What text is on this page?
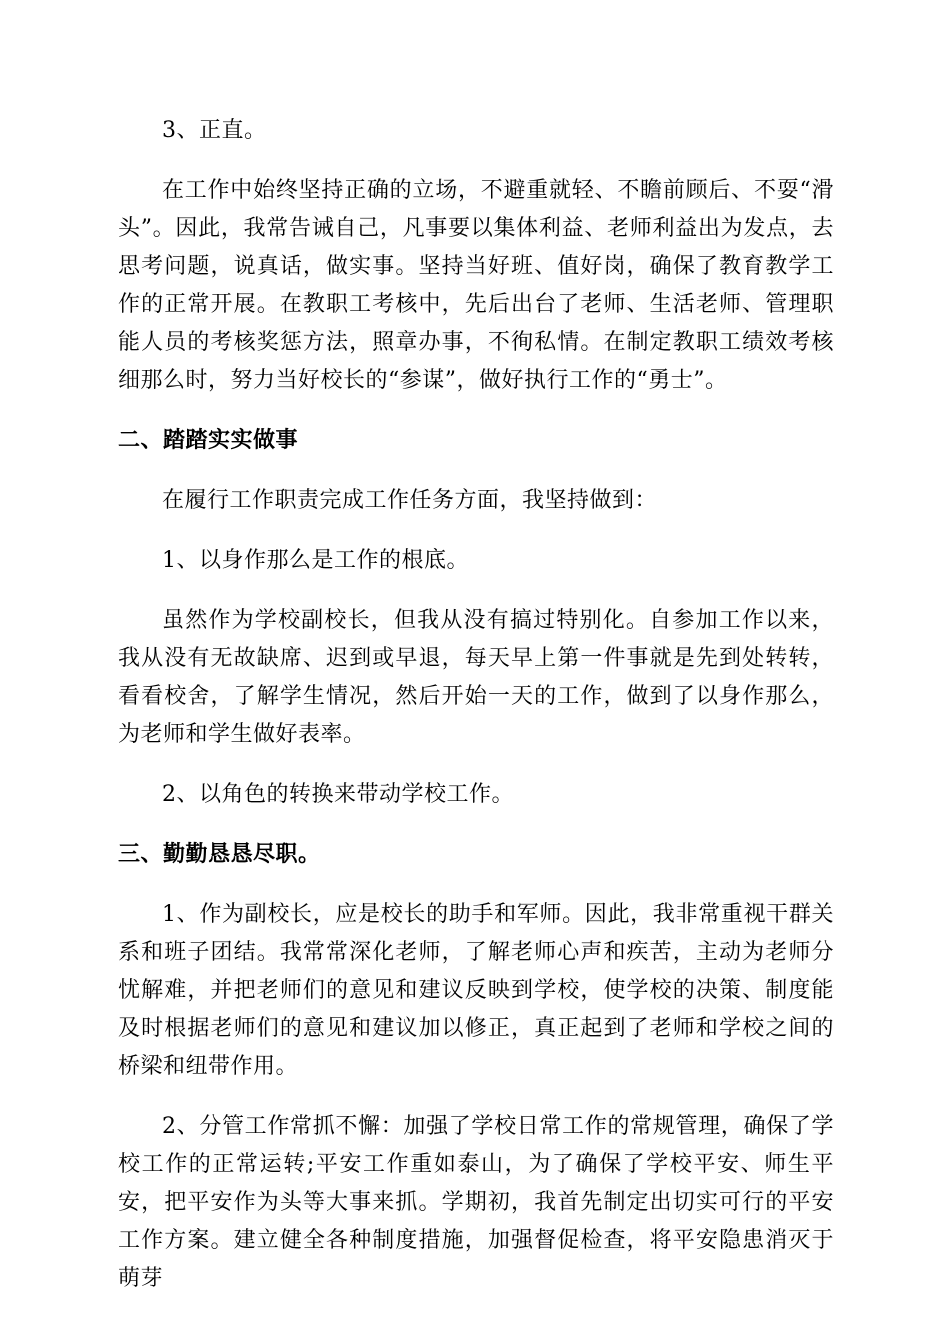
3、正直。

在工作中始终坚持正确的立场，不避重就轻、不瞻前顾后、不耍“滑头”。因此，我常告诫自己，凡事要以集体利益、老师利益出为发点，去思考问题，说真话，做实事。坚持当好班、值好岗，确保了教育教学工作的正常开展。在教职工考核中，先后出台了老师、生活老师、管理职能人员的考核奖惩方法，照章办事，不徇私情。在制定教职工绩效考核细那么时，努力当好校长的“参谋”，做好执行工作的“勇士”。

二、踏踏实实做事

在履行工作职责完成工作任务方面，我坚持做到：

1、以身作那么是工作的根底。

虽然作为学校副校长，但我从没有搞过特别化。自参加工作以来，我从没有无故缺席、迟到或早退，每天早上第一件事就是先到处转转，看看校舍，了解学生情况，然后开始一天的工作，做到了以身作那么，为老师和学生做好表率。

2、以角色的转换来带动学校工作。

三、勤勤恳恳尽职。

1、作为副校长，应是校长的助手和军师。因此，我非常重视干群关系和班子团结。我常常深化老师，了解老师心声和疾苦，主动为老师分忧解难，并把老师们的意见和建议反映到学校，使学校的决策、制度能及时根据老师们的意见和建议加以修正，真正起到了老师和学校之间的桥梁和纽带作用。

2、分管工作常抓不懈：加强了学校日常工作的常规管理，确保了学校工作的正常运转;平安工作重如泰山，为了确保了学校平安、师生平安，把平安作为头等大事来抓。学期初，我首先制定出切实可行的平安工作方案。建立健全各种制度措施，加强督促检查，将平安隐患消灭于萌芽
